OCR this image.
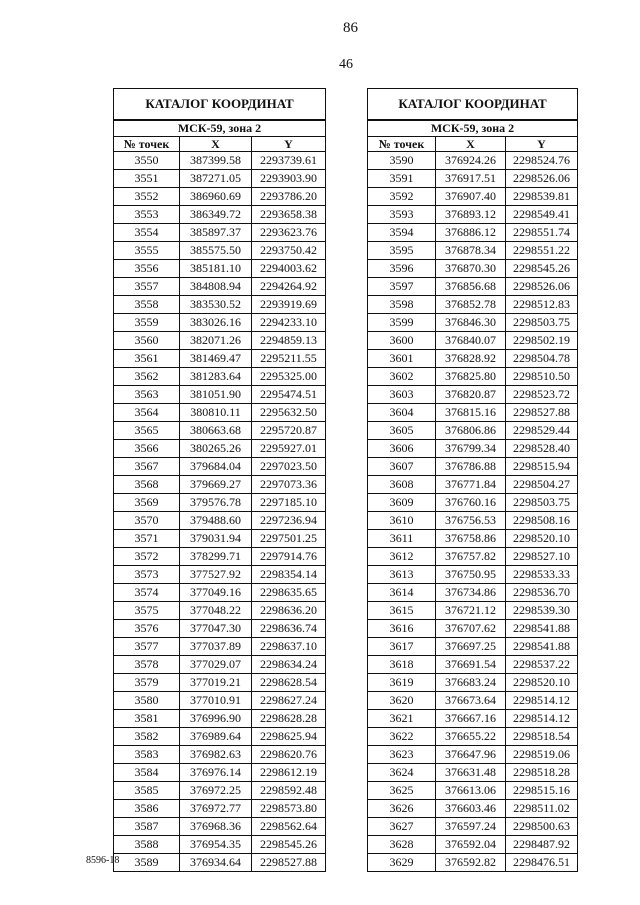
86
46
КАТАЛОГ КООРДИНАТ		
МСК-59, зона 2		
№ точек	X	Y
3550	387399.58	2293739.61
3551	387271.05	2293903.90
3552	386960.69	2293786.20
3553	386349.72	2293658.38
3554	385897.37	2293623.76
3555	385575.50	2293750.42
3556	385181.10	2294003.62
3557	384808.94	2294264.92
3558	383530.52	2293919.69
3559	383026.16	2294233.10
3560	382071.26	2294859.13
3561	381469.47	2295211.55
3562	381283.64	2295325.00
3563	381051.90	2295474.51
3564	380810.11	2295632.50
3565	380663.68	2295720.87
3566	380265.26	2295927.01
3567	379684.04	2297023.50
3568	379669.27	2297073.36
3569	379576.78	2297185.10
3570	379488.60	2297236.94
3571	379031.94	2297501.25
3572	378299.71	2297914.76
3573	377527.92	2298354.14
3574	377049.16	2298635.65
3575	377048.22	2298636.20
3576	377047.30	2298636.74
3577	377037.89	2298637.10
3578	377029.07	2298634.24
3579	377019.21	2298628.54
3580	377010.91	2298627.24
3581	376996.90	2298628.28
3582	376989.64	2298625.94
3583	376982.63	2298620.76
3584	376976.14	2298612.19
3585	376972.25	2298592.48
3586	376972.77	2298573.80
3587	376968.36	2298562.64
3588	376954.35	2298545.26
3589	376934.64	2298527.88
КАТАЛОГ КООРДИНАТ		
МСК-59, зона 2		
№ точек	X	Y
3590	376924.26	2298524.76
3591	376917.51	2298526.06
3592	376907.40	2298539.81
3593	376893.12	2298549.41
3594	376886.12	2298551.74
3595	376878.34	2298551.22
3596	376870.30	2298545.26
3597	376856.68	2298526.06
3598	376852.78	2298512.83
3599	376846.30	2298503.75
3600	376840.07	2298502.19
3601	376828.92	2298504.78
3602	376825.80	2298510.50
3603	376820.87	2298523.72
3604	376815.16	2298527.88
3605	376806.86	2298529.44
3606	376799.34	2298528.40
3607	376786.88	2298515.94
3608	376771.84	2298504.27
3609	376760.16	2298503.75
3610	376756.53	2298508.16
3611	376758.86	2298520.10
3612	376757.82	2298527.10
3613	376750.95	2298533.33
3614	376734.86	2298536.70
3615	376721.12	2298539.30
3616	376707.62	2298541.88
3617	376697.25	2298541.88
3618	376691.54	2298537.22
3619	376683.24	2298520.10
3620	376673.64	2298514.12
3621	376667.16	2298514.12
3622	376655.22	2298518.54
3623	376647.96	2298519.06
3624	376631.48	2298518.28
3625	376613.06	2298515.16
3626	376603.46	2298511.02
3627	376597.24	2298500.63
3628	376592.04	2298487.92
3629	376592.82	2298476.51
8596-18
